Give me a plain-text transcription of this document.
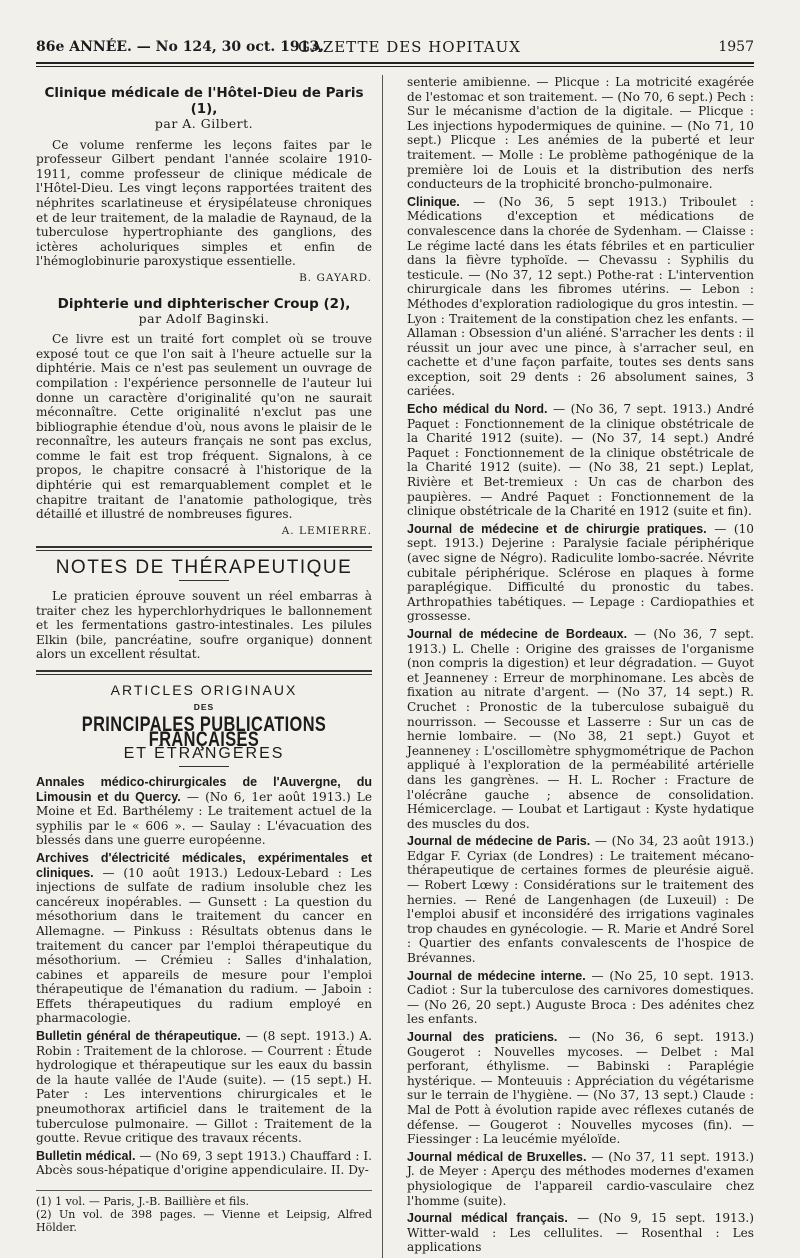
86e ANNÉE. — No 124, 30 oct. 1913.
GAZETTE DES HOPITAUX	1957
Clinique médicale de l'Hôtel-Dieu de Paris (1),
par A. Gilbert.

Ce volume renferme les leçons faites par le professeur Gilbert pendant l'année scolaire 1910-1911, comme professeur de clinique médicale de l'Hôtel-Dieu. Les vingt leçons rapportées traitent des néphrites scarlatineuse et érysipélateuse chroniques et de leur traitement, de la maladie de Raynaud, de la tuberculose hypertrophiante des ganglions, des ictères acholuriques simples et enfin de l'hémoglobinurie paroxystique essentielle.

B. GAYARD.
Diphterie und diphterischer Croup (2),
par Adolf Baginski.

Ce livre est un traité fort complet où se trouve exposé tout ce que l'on sait à l'heure actuelle sur la diphtérie. Mais ce n'est pas seulement un ouvrage de compilation : l'expérience personnelle de l'auteur lui donne un caractère d'originalité qu'on ne saurait méconnaître. Cette originalité n'exclut pas une bibliographie étendue d'où, nous avons le plaisir de le reconnaître, les auteurs français ne sont pas exclus, comme le fait est trop fréquent. Signalons, à ce propos, le chapitre consacré à l'historique de la diphtérie qui est remarquablement complet et le chapitre traitant de l'anatomie pathologique, très détaillé et illustré de nombreuses figures.

A. LEMIERRE.
NOTES DE THÉRAPEUTIQUE

Le praticien éprouve souvent un réel embarras à traiter chez les hyperchlorhydriques le ballonnement et les fermentations gastro-intestinales. Les pilules Elkin (bile, pancréatine, soufre organique) donnent alors un excellent résultat.

ARTICLES ORIGINAUX
DES
PRINCIPALES PUBLICATIONS FRANÇAISES
ET ÉTRANGÈRES

Annales médico-chirurgicales de l'Auvergne, du Limousin et du Quercy. — (No 6, 1er août 1913.) Le Moine et Ed. Barthélemy : Le traitement actuel de la syphilis par le « 606 ». — Saulay : L'évacuation des blessés dans une guerre européenne.

Archives d'électricité médicales, expérimentales et cliniques. — (10 août 1913.) Ledoux-Lebard : Les injections de sulfate de radium insoluble chez les cancéreux inopérables. — Gunsett : La question du mésothorium dans le traitement du cancer en Allemagne. — Pinkuss : Résultats obtenus dans le traitement du cancer par l'emploi thérapeutique du mésothorium. — Crémieu : Salles d'inhalation, cabines et appareils de mesure pour l'emploi thérapeutique de l'émanation du radium. — Jaboin : Effets thérapeutiques du radium employé en pharmacologie.

Bulletin général de thérapeutique. — (8 sept. 1913.) A. Robin : Traitement de la chlorose. — Courrent : Étude hydrologique et thérapeutique sur les eaux du bassin de la haute vallée de l'Aude (suite). — (15 sept.) H. Pater : Les interventions chirurgicales et le pneumothorax artificiel dans le traitement de la tuberculose pulmonaire. — Gillot : Traitement de la goutte. Revue critique des travaux récents.

Bulletin médical. — (No 69, 3 sept 1913.) Chauffard : I. Abcès sous-hépatique d'origine appendiculaire. II. Dy-

(1) 1 vol. — Paris, J.-B. Baillière et fils.
(2) Un vol. de 398 pages. — Vienne et Leipsig, Alfred Hölder.

senterie amibienne. — Plicque : La motricité exagérée de l'estomac et son traitement. — (No 70, 6 sept.) Pech : Sur le mécanisme d'action de la digitale. — Plicque : Les injections hypodermiques de quinine. — (No 71, 10 sept.) Plicque : Les anémies de la puberté et leur traitement. — Molle : Le problème pathogénique de la première loi de Louis et la distribution des nerfs conducteurs de la trophicité broncho-pulmonaire.

Clinique. — (No 36, 5 sept 1913.) Triboulet : Médications d'exception et médications de convalescence dans la chorée de Sydenham. — Claisse : Le régime lacté dans les états fébriles et en particulier dans la fièvre typhoïde. — Chevassu : Syphilis du testicule. — (No 37, 12 sept.) Pothe-rat : L'intervention chirurgicale dans les fibromes utérins. — Lebon : Méthodes d'exploration radiologique du gros intestin. — Lyon : Traitement de la constipation chez les enfants. — Allaman : Obsession d'un aliéné. S'arracher les dents : il réussit un jour avec une pince, à s'arracher seul, en cachette et d'une façon parfaite, toutes ses dents sans exception, soit 29 dents : 26 absolument saines, 3 cariées.

Echo médical du Nord. — (No 36, 7 sept. 1913.) André Paquet : Fonctionnement de la clinique obstétricale de la Charité 1912 (suite). — (No 37, 14 sept.) André Paquet : Fonctionnement de la clinique obstétricale de la Charité 1912 (suite). — (No 38, 21 sept.) Leplat, Rivière et Bet-tremieux : Un cas de charbon des paupières. — André Paquet : Fonctionnement de la clinique obstétricale de la Charité en 1912 (suite et fin).

Journal de médecine et de chirurgie pratiques. — (10 sept. 1913.) Dejerine : Paralysie faciale périphérique (avec signe de Négro). Radiculite lombo-sacrée. Névrite cubitale périphérique. Sclérose en plaques à forme paraplégique. Difficulté du pronostic du tabes. Arthropathies tabétiques. — Lepage : Cardiopathies et grossesse.

Journal de médecine de Bordeaux. — (No 36, 7 sept. 1913.) L. Chelle : Origine des graisses de l'organisme (non compris la digestion) et leur dégradation. — Guyot et Jeanneney : Erreur de morphinomane. Les abcès de fixation au nitrate d'argent. — (No 37, 14 sept.) R. Cruchet : Pronostic de la tuberculose subaiguë du nourrisson. — Secousse et Lasserre : Sur un cas de hernie lombaire. — (No 38, 21 sept.) Guyot et Jeanneney : L'oscillomètre sphygmométrique de Pachon appliqué à l'exploration de la perméabilité artérielle dans les gangrènes. — H. L. Rocher : Fracture de l'olécrâne gauche ; absence de consolidation. Hémicerclage. — Loubat et Lartigaut : Kyste hydatique des muscles du dos.

Journal de médecine de Paris. — (No 34, 23 août 1913.) Edgar F. Cyriax (de Londres) : Le traitement mécano-thérapeutique de certaines formes de pleurésie aiguë. — Robert Lœwy : Considérations sur le traitement des hernies. — René de Langenhagen (de Luxeuil) : De l'emploi abusif et inconsidéré des irrigations vaginales trop chaudes en gynécologie. — R. Marie et André Sorel : Quartier des enfants convalescents de l'hospice de Brévannes.

Journal de médecine interne. — (No 25, 10 sept. 1913. Cadiot : Sur la tuberculose des carnivores domestiques. — (No 26, 20 sept.) Auguste Broca : Des adénites chez les enfants.

Journal des praticiens. — (No 36, 6 sept. 1913.) Gougerot : Nouvelles mycoses. — Delbet : Mal perforant, éthylisme. — Babinski : Paraplégie hystérique. — Monteuuis : Appréciation du végétarisme sur le terrain de l'hygiène. — (No 37, 13 sept.) Claude : Mal de Pott à évolution rapide avec réflexes cutanés de défense. — Gougerot : Nouvelles mycoses (fin). — Fiessinger : La leucémie myéloïde.

Journal médical de Bruxelles. — (No 37, 11 sept. 1913.) J. de Meyer : Aperçu des méthodes modernes d'examen physiologique de l'appareil cardio-vasculaire chez l'homme (suite).

Journal médical français. — (No 9, 15 sept. 1913.) Witter-wald : Les cellulites. — Rosenthal : Les applications
